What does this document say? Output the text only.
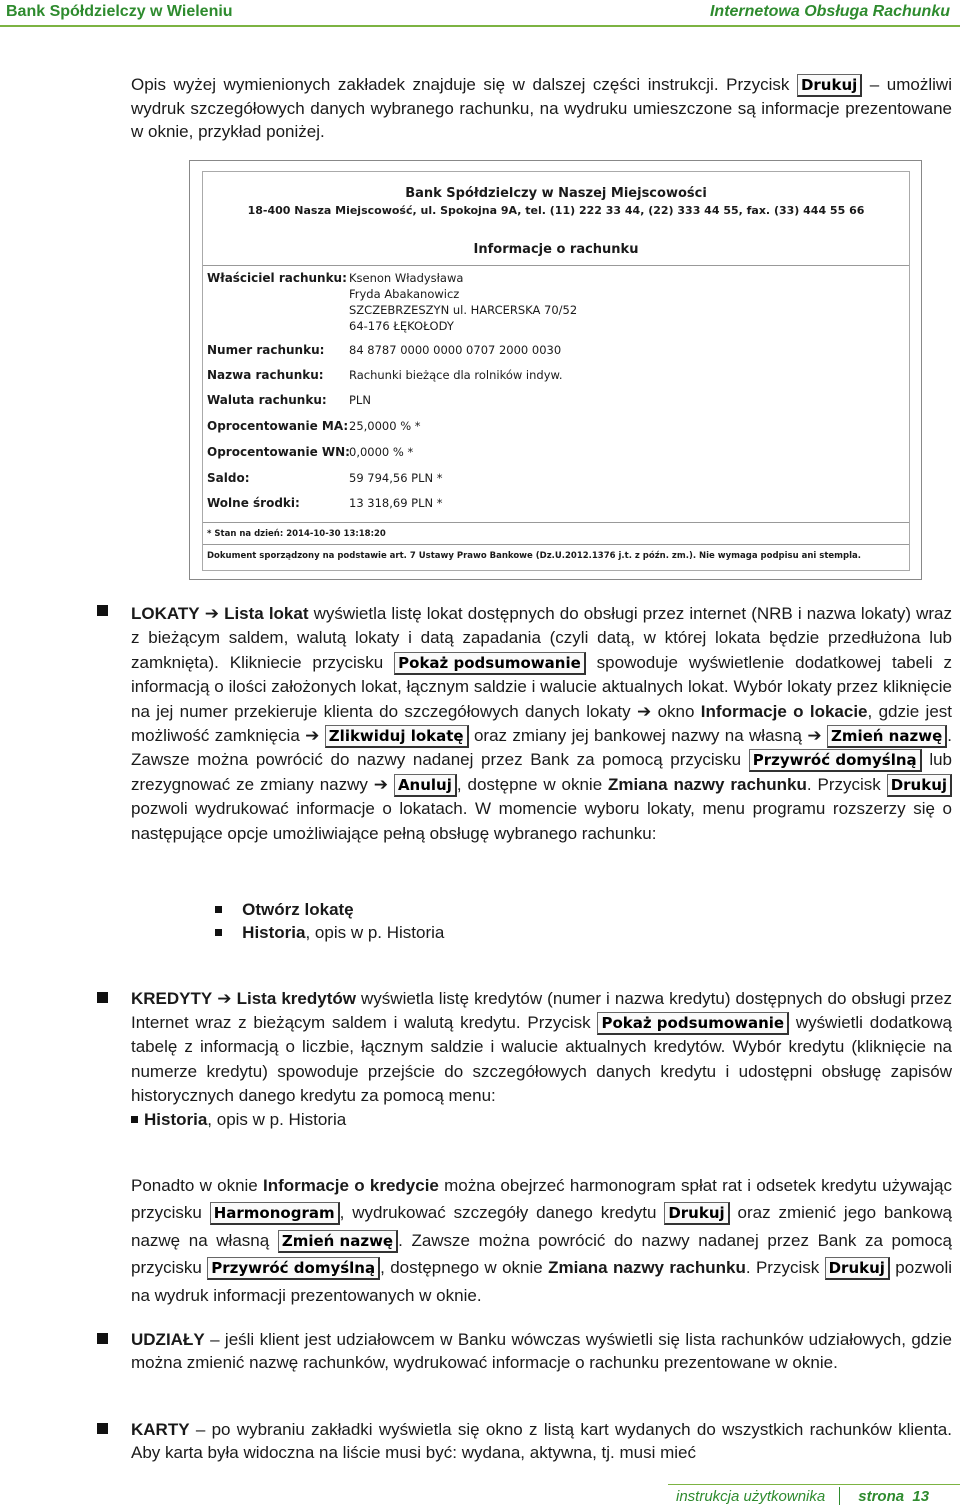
Bank Spółdzielczy w Wieleniu	Internetowa Obsługa Rachunku
Opis wyżej wymienionych zakładek znajduje się w dalszej części instrukcji. Przycisk Drukuj – umożliwi wydruk szczegółowych danych wybranego rachunku, na wydruku umieszczone są informacje prezentowane w oknie, przykład poniżej.
Bank Spółdzielczy w Naszej Miejscowości
18-400 Nasza Miejscowość, ul. Spokojna 9A, tel. (11) 222 33 44, (22) 333 44 55, fax. (33) 444 55 66
Informacje o rachunku
Właściciel rachunku: Ksenon Władysława
Fryda Abakanowicz
SZCZEBRZESZYN ul. HARCERSKA 70/52
64-176 ŁĘKOŁODY
Numer rachunku: 84 8787 0000 0000 0707 2000 0030
Nazwa rachunku: Rachunki bieżące dla rolników indyw.
Waluta rachunku: PLN
Oprocentowanie MA: 25,0000 % *
Oprocentowanie WN: 0,0000 % *
Saldo:	59 794,56 PLN *
Wolne środki:	13 318,69 PLN *
* Stan na dzień: 2014-10-30 13:18:20
Dokument sporządzony na podstawie art. 7 Ustawy Prawo Bankowe (Dz.U.2012.1376 j.t. z późn. zm.). Nie wymaga podpisu ani stempla.
LOKATY ➔ Lista lokat wyświetla listę lokat dostępnych do obsługi przez internet (NRB i nazwa lokaty) wraz z bieżącym saldem, walutą lokaty i datą zapadania (czyli datą, w której lokata będzie przedłużona lub zamknięta). Klikniecie przycisku Pokaż podsumowanie spowoduje wyświetlenie dodatkowej tabeli z informacją o ilości założonych lokat, łącznym saldzie i walucie aktualnych lokat. Wybór lokaty przez kliknięcie na jej numer przekieruje klienta do szczegółowych danych lokaty ➔ okno Informacje o lokacie, gdzie jest możliwość zamknięcia ➔ Zlikwiduj lokatę oraz zmiany jej bankowej nazwy na własną ➔ Zmień nazwę . Zawsze można powrócić do nazwy nadanej przez Bank za pomocą przycisku Przywróć domyślną lub zrezygnować ze zmiany nazwy ➔ Anuluj , dostępne w oknie Zmiana nazwy rachunku. Przycisk Drukuj pozwoli wydrukować informacje o lokatach. W momencie wyboru lokaty, menu programu rozszerzy się o następujące opcje umożliwiające pełną obsługę wybranego rachunku:
Otwórz lokatę
Historia, opis w p. Historia
KREDYTY ➔ Lista kredytów wyświetla listę kredytów (numer i nazwa kredytu) dostępnych do obsługi przez Internet wraz z bieżącym saldem i walutą kredytu. Przycisk Pokaż podsumowanie wyświetli dodatkową tabelę z informacją o liczbie, łącznym saldzie i walucie aktualnych kredytów. Wybór kredytu (kliknięcie na numerze kredytu) spowoduje przejście do szczegółowych danych kredytu i udostępni obsługę zapisów historycznych danego kredytu za pomocą menu:
Historia, opis w p. Historia
Ponadto w oknie Informacje o kredycie można obejrzeć harmonogram spłat rat i odsetek kredytu używając przycisku Harmonogram , wydrukować szczegóły danego kredytu Drukuj oraz zmienić jego bankową nazwę na własną Zmień nazwę . Zawsze można powrócić do nazwy nadanej przez Bank za pomocą przycisku Przywróć domyślną , dostępnego w oknie Zmiana nazwy rachunku. Przycisk Drukuj pozwoli na wydruk informacji prezentowanych w oknie.
UDZIAŁY – jeśli klient jest udziałowcem w Banku wówczas wyświetli się lista rachunków udziałowych, gdzie można zmienić nazwę rachunków, wydrukować informacje o rachunku prezentowane w oknie.
KARTY – po wybraniu zakładki wyświetla się okno z listą kart wydanych do wszystkich rachunków klienta. Aby karta była widoczna na liście musi być: wydana, aktywna, tj. musi mieć
instrukcja użytkownika strona 13
